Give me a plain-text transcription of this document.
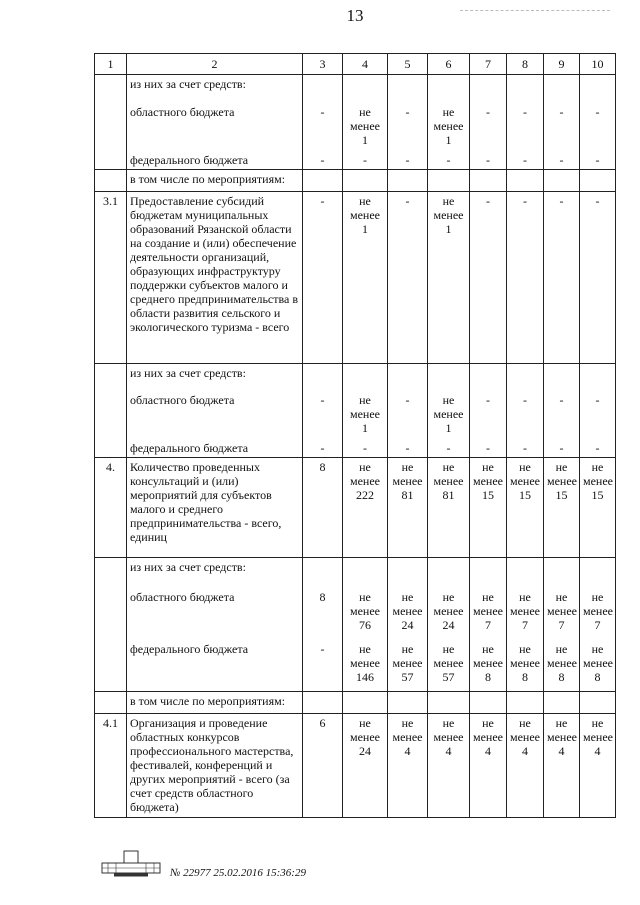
13
1	2	3	4	5	6	7	8	9	10
	из них за счет средств:								
	областного бюджета	-	не менее 1	-	не менее 1	-	-	-	-
	федерального бюджета	-	-	-	-	-	-	-	-
	в том числе по мероприятиям:								
3.1	Предоставление субсидий бюджетам муниципальных образований Рязанской области на создание и (или) обеспечение деятельности организаций, образующих инфраструктуру поддержки субъектов малого и среднего предпринимательства в области развития сельского и экологического туризма - всего	-	не менее 1	-	не менее 1	-	-	-	-
	из них за счет средств:								
	областного бюджета	-	не менее 1	-	не менее 1	-	-	-	-
	федерального бюджета	-	-	-	-	-	-	-	-
4.	Количество проведенных консультаций и (или) мероприятий для субъектов малого и среднего предпринимательства - всего, единиц	8	не менее 222	не менее 81	не менее 81	не менее 15	не менее 15	не менее 15	не менее 15
	из них за счет средств:								
	областного бюджета	8	не менее 76	не менее 24	не менее 24	не менее 7	не менее 7	не менее 7	не менее 7
	федерального бюджета	-	не менее 146	не менее 57	не менее 57	не менее 8	не менее 8	не менее 8	не менее 8
	в том числе по мероприятиям:								
4.1	Организация и проведение областных конкурсов профессионального мастерства, фестивалей, конференций и других мероприятий - всего (за счет средств областного бюджета)	6	не менее 24	не менее 4	не менее 4	не менее 4	не менее 4	не менее 4	не менее 4
№ 22977 25.02.2016 15:36:29
